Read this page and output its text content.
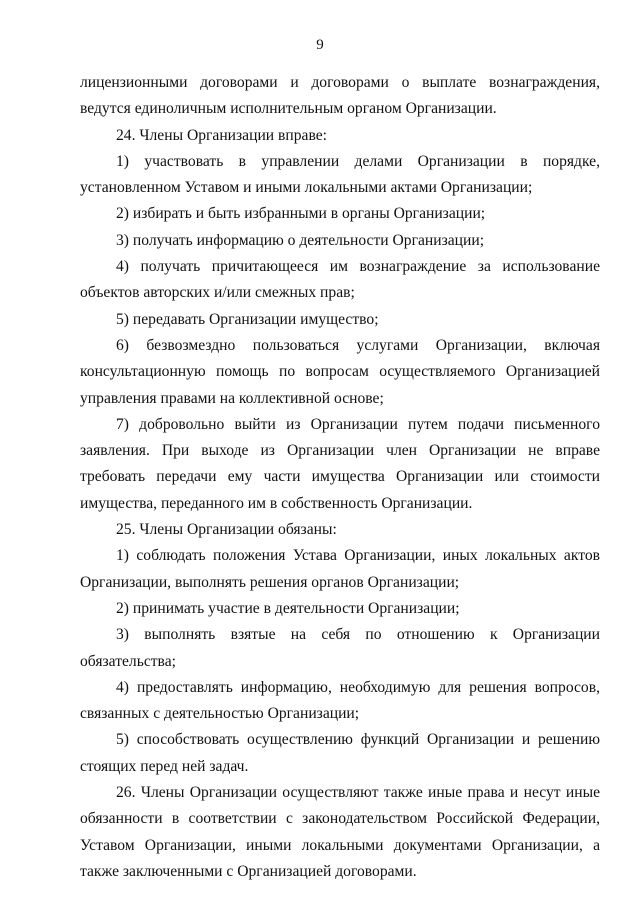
9

лицензионными договорами и договорами о выплате вознаграждения, ведутся единоличным исполнительным органом Организации.

24. Члены Организации вправе:

1) участвовать в управлении делами Организации в порядке, установленном Уставом и иными локальными актами Организации;

2) избирать и быть избранными в органы Организации;

3) получать информацию о деятельности Организации;

4) получать причитающееся им вознаграждение за использование объектов авторских и/или смежных прав;

5) передавать Организации имущество;

6) безвозмездно пользоваться услугами Организации, включая консультационную помощь по вопросам осуществляемого Организацией управления правами на коллективной основе;

7) добровольно выйти из Организации путем подачи письменного заявления. При выходе из Организации член Организации не вправе требовать передачи ему части имущества Организации или стоимости имущества, переданного им в собственность Организации.

25. Члены Организации обязаны:

1) соблюдать положения Устава Организации, иных локальных актов Организации, выполнять решения органов Организации;

2) принимать участие в деятельности Организации;

3) выполнять взятые на себя по отношению к Организации обязательства;

4) предоставлять информацию, необходимую для решения вопросов, связанных с деятельностью Организации;

5) способствовать осуществлению функций Организации и решению стоящих перед ней задач.

26. Члены Организации осуществляют также иные права и несут иные обязанности в соответствии с законодательством Российской Федерации, Уставом Организации, иными локальными документами Организации, а также заключенными с Организацией договорами.
